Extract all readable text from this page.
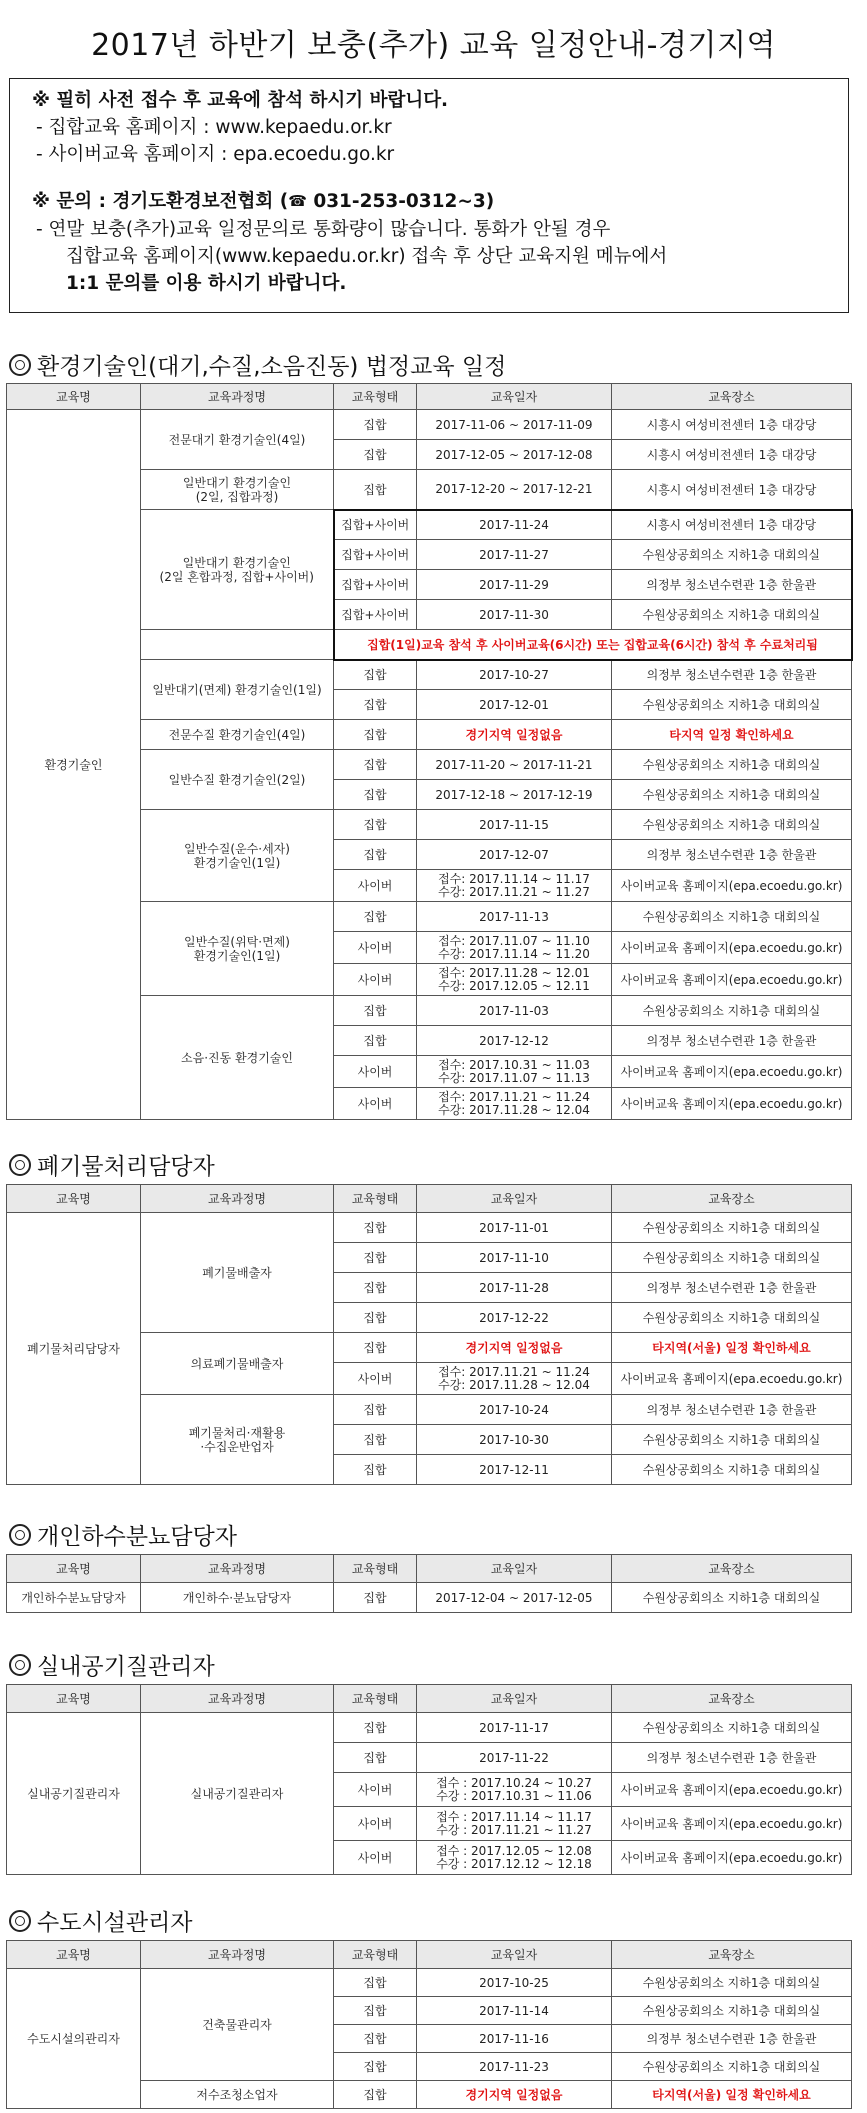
2017년 하반기 보충(추가) 교육 일정안내-경기지역
※ 필히 사전 접수 후 교육에 참석 하시기 바랍니다.
- 집합교육 홈페이지 : www.kepaedu.or.kr
- 사이버교육 홈페이지 : epa.ecoedu.go.kr
※ 문의 : 경기도환경보전협회 (☎ 031-253-0312~3)
- 연말 보충(추가)교육 일정문의로 통화량이 많습니다. 통화가 안될 경우
집합교육 홈페이지(www.kepaedu.or.kr) 접속 후 상단 교육지원 메뉴에서
1:1 문의를 이용 하시기 바랍니다.
환경기술인(대기,수질,소음진동) 법정교육 일정
교육명	교육과정명	교육형태	교육일자	교육장소
환경기술인	전문대기 환경기술인(4일)	집합	2017-11-06 ~ 2017-11-09	시흥시 여성비전센터 1층 대강당
		집합	2017-12-05 ~ 2017-12-08	시흥시 여성비전센터 1층 대강당
	일반대기 환경기술인
(2일, 집합과정)	집합	2017-12-20 ~ 2017-12-21	시흥시 여성비전센터 1층 대강당
	일반대기 환경기술인
(2일 혼합과정, 집합+사이버)	집합+사이버	2017-11-24	시흥시 여성비전센터 1층 대강당
		집합+사이버	2017-11-27	수원상공회의소 지하1층 대회의실
		집합+사이버	2017-11-29	의정부 청소년수련관 1층 한울관
		집합+사이버	2017-11-30	수원상공회의소 지하1층 대회의실
		집합(1일)교육 참석 후 사이버교육(6시간) 또는 집합교육(6시간) 참석 후 수료처리됨		
	일반대기(면제) 환경기술인(1일)	집합	2017-10-27	의정부 청소년수련관 1층 한울관
		집합	2017-12-01	수원상공회의소 지하1층 대회의실
	전문수질 환경기술인(4일)	집합	경기지역 일정없음	타지역 일정 확인하세요
	일반수질 환경기술인(2일)	집합	2017-11-20 ~ 2017-11-21	수원상공회의소 지하1층 대회의실
		집합	2017-12-18 ~ 2017-12-19	수원상공회의소 지하1층 대회의실
	일반수질(운수·세자)
환경기술인(1일)	집합	2017-11-15	수원상공회의소 지하1층 대회의실
		집합	2017-12-07	의정부 청소년수련관 1층 한울관
		사이버	접수: 2017.11.14 ~ 11.17
수강: 2017.11.21 ~ 11.27	사이버교육 홈페이지(epa.ecoedu.go.kr)
	일반수질(위탁·면제)
환경기술인(1일)	집합	2017-11-13	수원상공회의소 지하1층 대회의실
		사이버	접수: 2017.11.07 ~ 11.10
수강: 2017.11.14 ~ 11.20	사이버교육 홈페이지(epa.ecoedu.go.kr)
		사이버	접수: 2017.11.28 ~ 12.01
수강: 2017.12.05 ~ 12.11	사이버교육 홈페이지(epa.ecoedu.go.kr)
	소음·진동 환경기술인	집합	2017-11-03	수원상공회의소 지하1층 대회의실
		집합	2017-12-12	의정부 청소년수련관 1층 한울관
		사이버	접수: 2017.10.31 ~ 11.03
수강: 2017.11.07 ~ 11.13	사이버교육 홈페이지(epa.ecoedu.go.kr)
		사이버	접수: 2017.11.21 ~ 11.24
수강: 2017.11.28 ~ 12.04	사이버교육 홈페이지(epa.ecoedu.go.kr)
폐기물처리담당자
교육명	교육과정명	교육형태	교육일자	교육장소
폐기물처리담당자	폐기물배출자	집합	2017-11-01	수원상공회의소 지하1층 대회의실
		집합	2017-11-10	수원상공회의소 지하1층 대회의실
		집합	2017-11-28	의정부 청소년수련관 1층 한울관
		집합	2017-12-22	수원상공회의소 지하1층 대회의실
	의료폐기물배출자	집합	경기지역 일정없음	타지역(서울) 일정 확인하세요
		사이버	접수: 2017.11.21 ~ 11.24
수강: 2017.11.28 ~ 12.04	사이버교육 홈페이지(epa.ecoedu.go.kr)
	폐기물처리·재활용
·수집운반업자	집합	2017-10-24	의정부 청소년수련관 1층 한울관
		집합	2017-10-30	수원상공회의소 지하1층 대회의실
		집합	2017-12-11	수원상공회의소 지하1층 대회의실
개인하수분뇨담당자
교육명	교육과정명	교육형태	교육일자	교육장소
개인하수분뇨담당자	개인하수·분뇨담당자	집합	2017-12-04 ~ 2017-12-05	수원상공회의소 지하1층 대회의실
실내공기질관리자
교육명	교육과정명	교육형태	교육일자	교육장소
실내공기질관리자	실내공기질관리자	집합	2017-11-17	수원상공회의소 지하1층 대회의실
		집합	2017-11-22	의정부 청소년수련관 1층 한울관
		사이버	접수 : 2017.10.24 ~ 10.27
수강 : 2017.10.31 ~ 11.06	사이버교육 홈페이지(epa.ecoedu.go.kr)
		사이버	접수 : 2017.11.14 ~ 11.17
수강 : 2017.11.21 ~ 11.27	사이버교육 홈페이지(epa.ecoedu.go.kr)
		사이버	접수 : 2017.12.05 ~ 12.08
수강 : 2017.12.12 ~ 12.18	사이버교육 홈페이지(epa.ecoedu.go.kr)
수도시설관리자
교육명	교육과정명	교육형태	교육일자	교육장소
수도시설의관리자	건축물관리자	집합	2017-10-25	수원상공회의소 지하1층 대회의실
		집합	2017-11-14	수원상공회의소 지하1층 대회의실
		집합	2017-11-16	의정부 청소년수련관 1층 한울관
		집합	2017-11-23	수원상공회의소 지하1층 대회의실
	저수조청소업자	집합	경기지역 일정없음	타지역(서울) 일정 확인하세요
